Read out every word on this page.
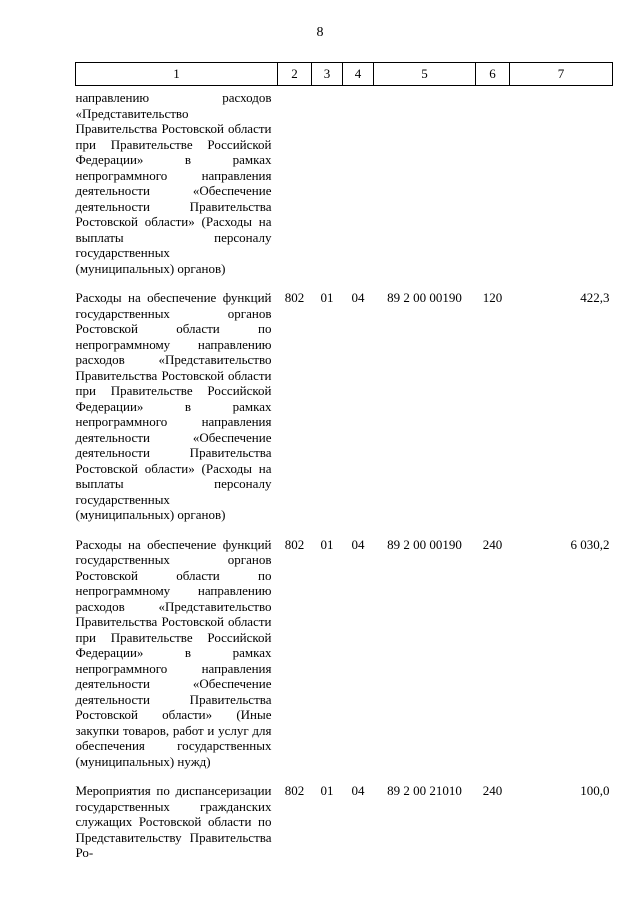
8
1	2	3	4	5	6	7
направлению расходов «Представительство Правительства Ростовской области при Правительстве Российской Федерации» в рамках непрограммного направления деятельности «Обеспечение деятельности Правительства Ростовской области» (Расходы на выплаты персоналу государственных (муниципальных) органов)						
Расходы на обеспечение функций государственных органов Ростовской области по непрограммному направлению расходов «Представительство Правительства Ростовской области при Правительстве Российской Федерации» в рамках непрограммного направления деятельности «Обеспечение деятельности Правительства Ростовской области» (Расходы на выплаты персоналу государственных (муниципальных) органов)	802	01	04	89 2 00 00190	120	422,3
Расходы на обеспечение функций государственных органов Ростовской области по непрограммному направлению расходов «Представительство Правительства Ростовской области при Правительстве Российской Федерации» в рамках непрограммного направления деятельности «Обеспечение деятельности Правительства Ростовской области» (Иные закупки товаров, работ и услуг для обеспечения государственных (муниципальных) нужд)	802	01	04	89 2 00 00190	240	6 030,2
Мероприятия по диспансеризации государственных гражданских служащих Ростовской области по Представительству Правительства Ро-	802	01	04	89 2 00 21010	240	100,0
